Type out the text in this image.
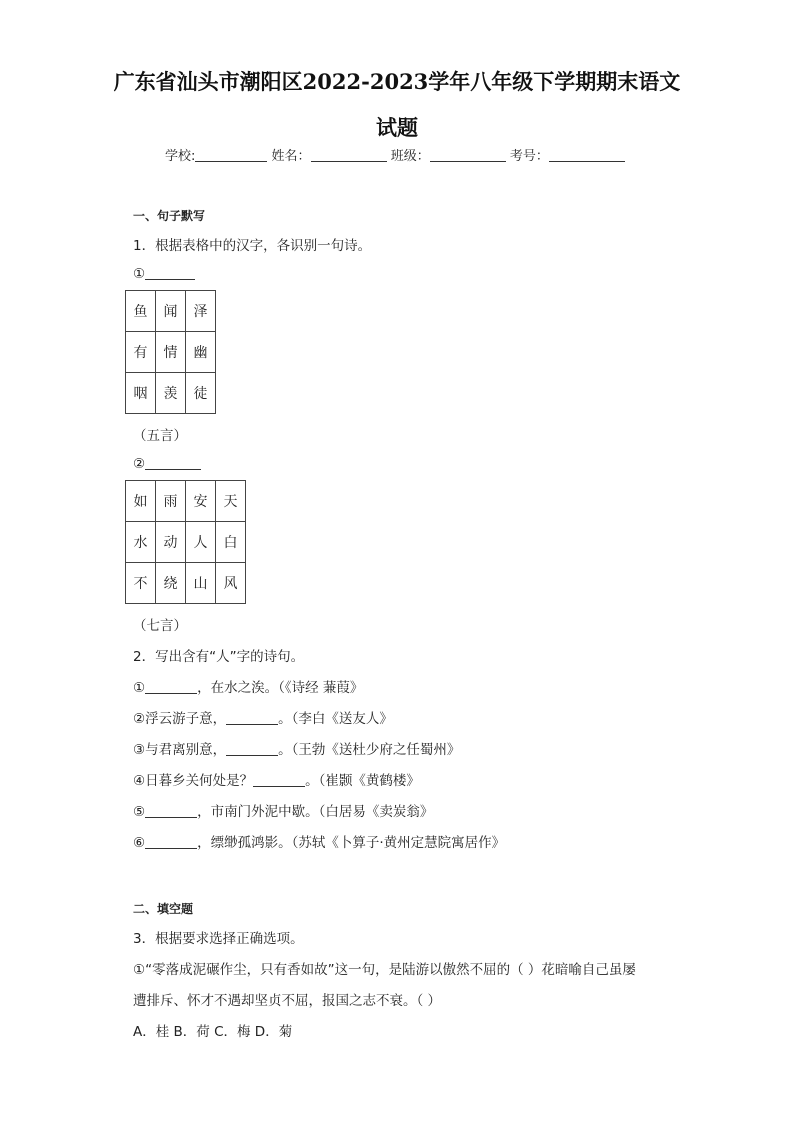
广东省汕头市潮阳区2022-2023学年八年级下学期期末语文
试题
学校:	姓名：	班级：	考号：
一、句子默写
1．根据表格中的汉字，各识别一句诗。
①
鱼	闻	泽
有	情	幽
咽	羡	徒
（五言）
②
如	雨	安	天
水	动	人	白
不	绕	山	风
（七言）
2．写出含有“人”字的诗句。
①	，在水之涘。（《诗经 蒹葭》
②浮云游子意，	。（李白《送友人》
③与君离别意，	。（王勃《送杜少府之任蜀州》
④日暮乡关何处是？	。（崔颢《黄鹤楼》
⑤	，市南门外泥中歇。（白居易《卖炭翁》
⑥	，缥缈孤鸿影。（苏轼《卜算子·黄州定慧院寓居作》
二、填空题
3．根据要求选择正确选项。
①“零落成泥碾作尘，只有香如故”这一句，是陆游以傲然不屈的（ ）花暗喻自己虽屡
遭排斥、怀才不遇却坚贞不屈，报国之志不衰。（ ）
A．桂 B．荷 C．梅 D．菊
